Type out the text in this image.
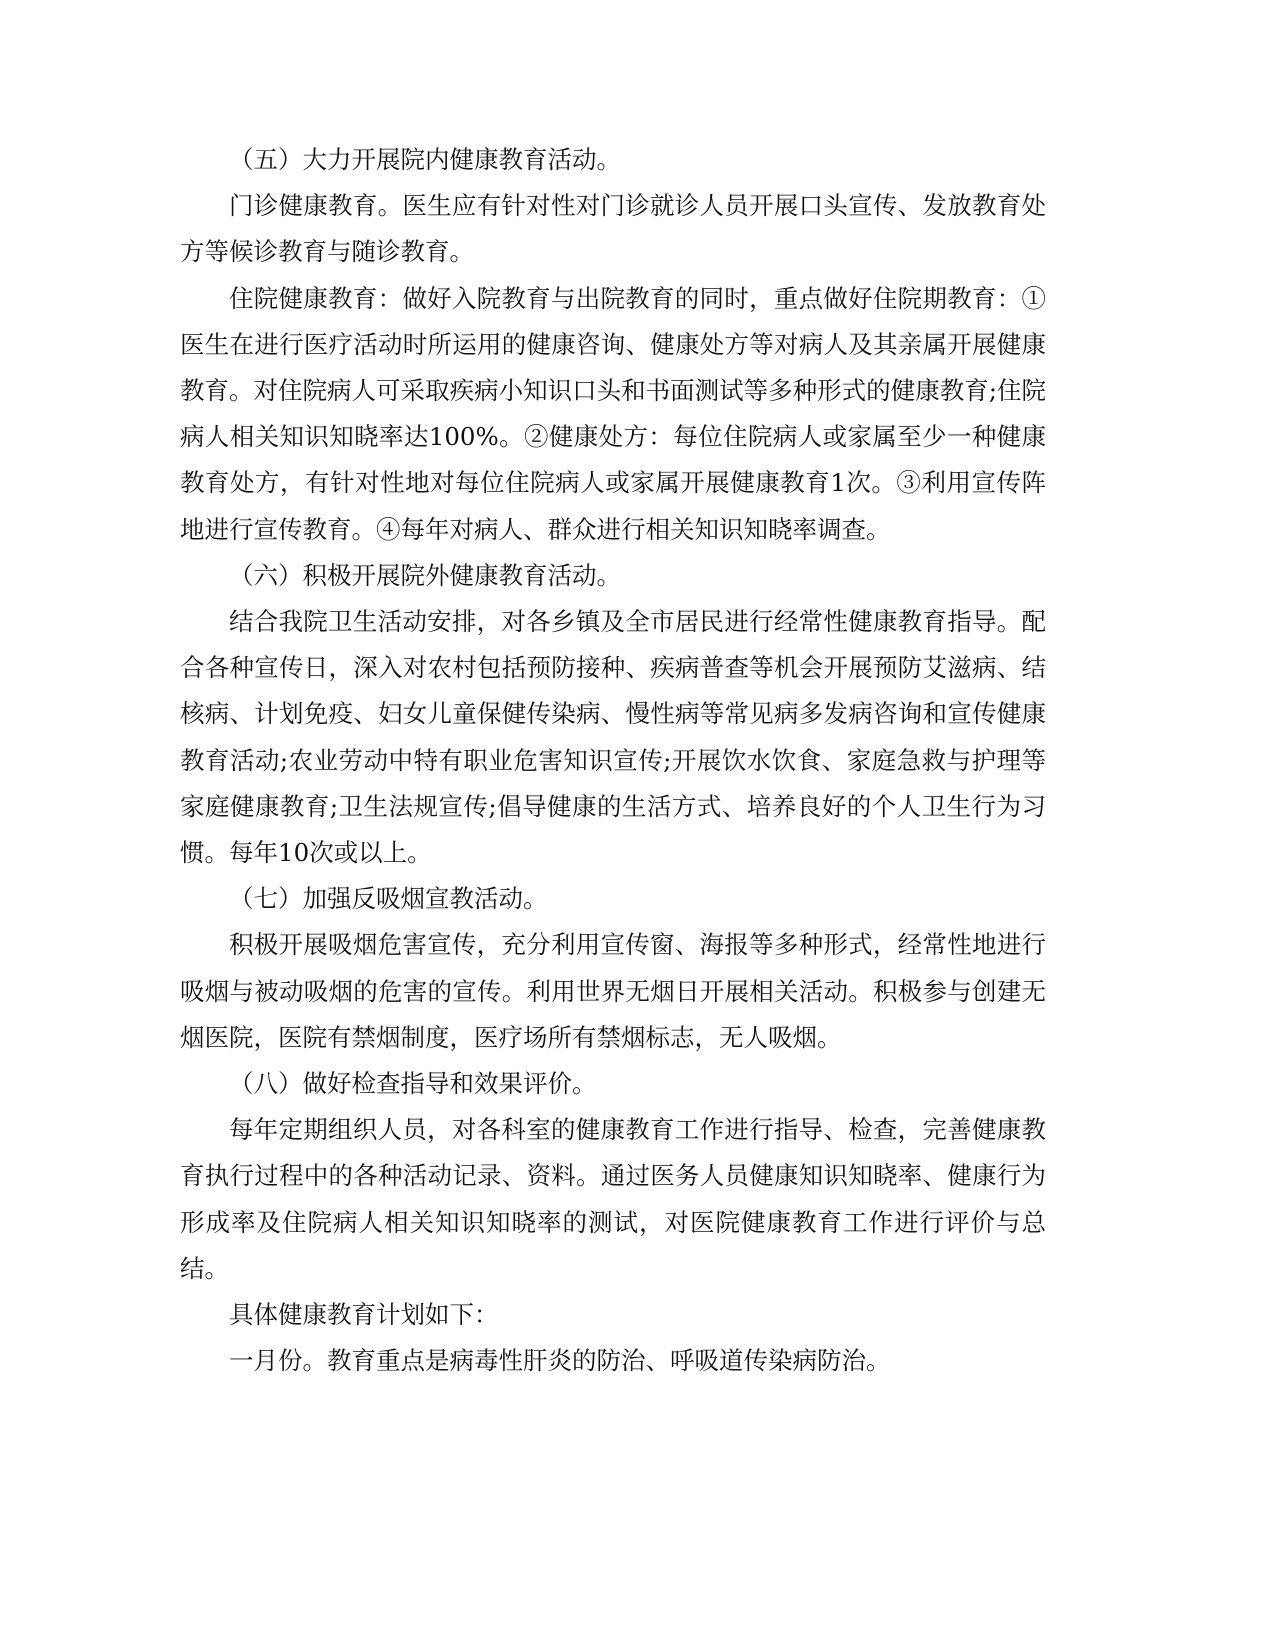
（五）大力开展院内健康教育活动。

门诊健康教育。医生应有针对性对门诊就诊人员开展口头宣传、发放教育处方等候诊教育与随诊教育。

住院健康教育：做好入院教育与出院教育的同时，重点做好住院期教育：①医生在进行医疗活动时所运用的健康咨询、健康处方等对病人及其亲属开展健康教育。对住院病人可采取疾病小知识口头和书面测试等多种形式的健康教育;住院病人相关知识知晓率达100%。②健康处方：每位住院病人或家属至少一种健康教育处方，有针对性地对每位住院病人或家属开展健康教育1次。③利用宣传阵地进行宣传教育。④每年对病人、群众进行相关知识知晓率调查。

（六）积极开展院外健康教育活动。

结合我院卫生活动安排，对各乡镇及全市居民进行经常性健康教育指导。配合各种宣传日，深入对农村包括预防接种、疾病普查等机会开展预防艾滋病、结核病、计划免疫、妇女儿童保健传染病、慢性病等常见病多发病咨询和宣传健康教育活动;农业劳动中特有职业危害知识宣传;开展饮水饮食、家庭急救与护理等家庭健康教育;卫生法规宣传;倡导健康的生活方式、培养良好的个人卫生行为习惯。每年10次或以上。

（七）加强反吸烟宣教活动。

积极开展吸烟危害宣传，充分利用宣传窗、海报等多种形式，经常性地进行吸烟与被动吸烟的危害的宣传。利用世界无烟日开展相关活动。积极参与创建无烟医院，医院有禁烟制度，医疗场所有禁烟标志，无人吸烟。

（八）做好检查指导和效果评价。

每年定期组织人员，对各科室的健康教育工作进行指导、检查，完善健康教育执行过程中的各种活动记录、资料。通过医务人员健康知识知晓率、健康行为形成率及住院病人相关知识知晓率的测试，对医院健康教育工作进行评价与总结。

具体健康教育计划如下：

一月份。教育重点是病毒性肝炎的防治、呼吸道传染病防治。
